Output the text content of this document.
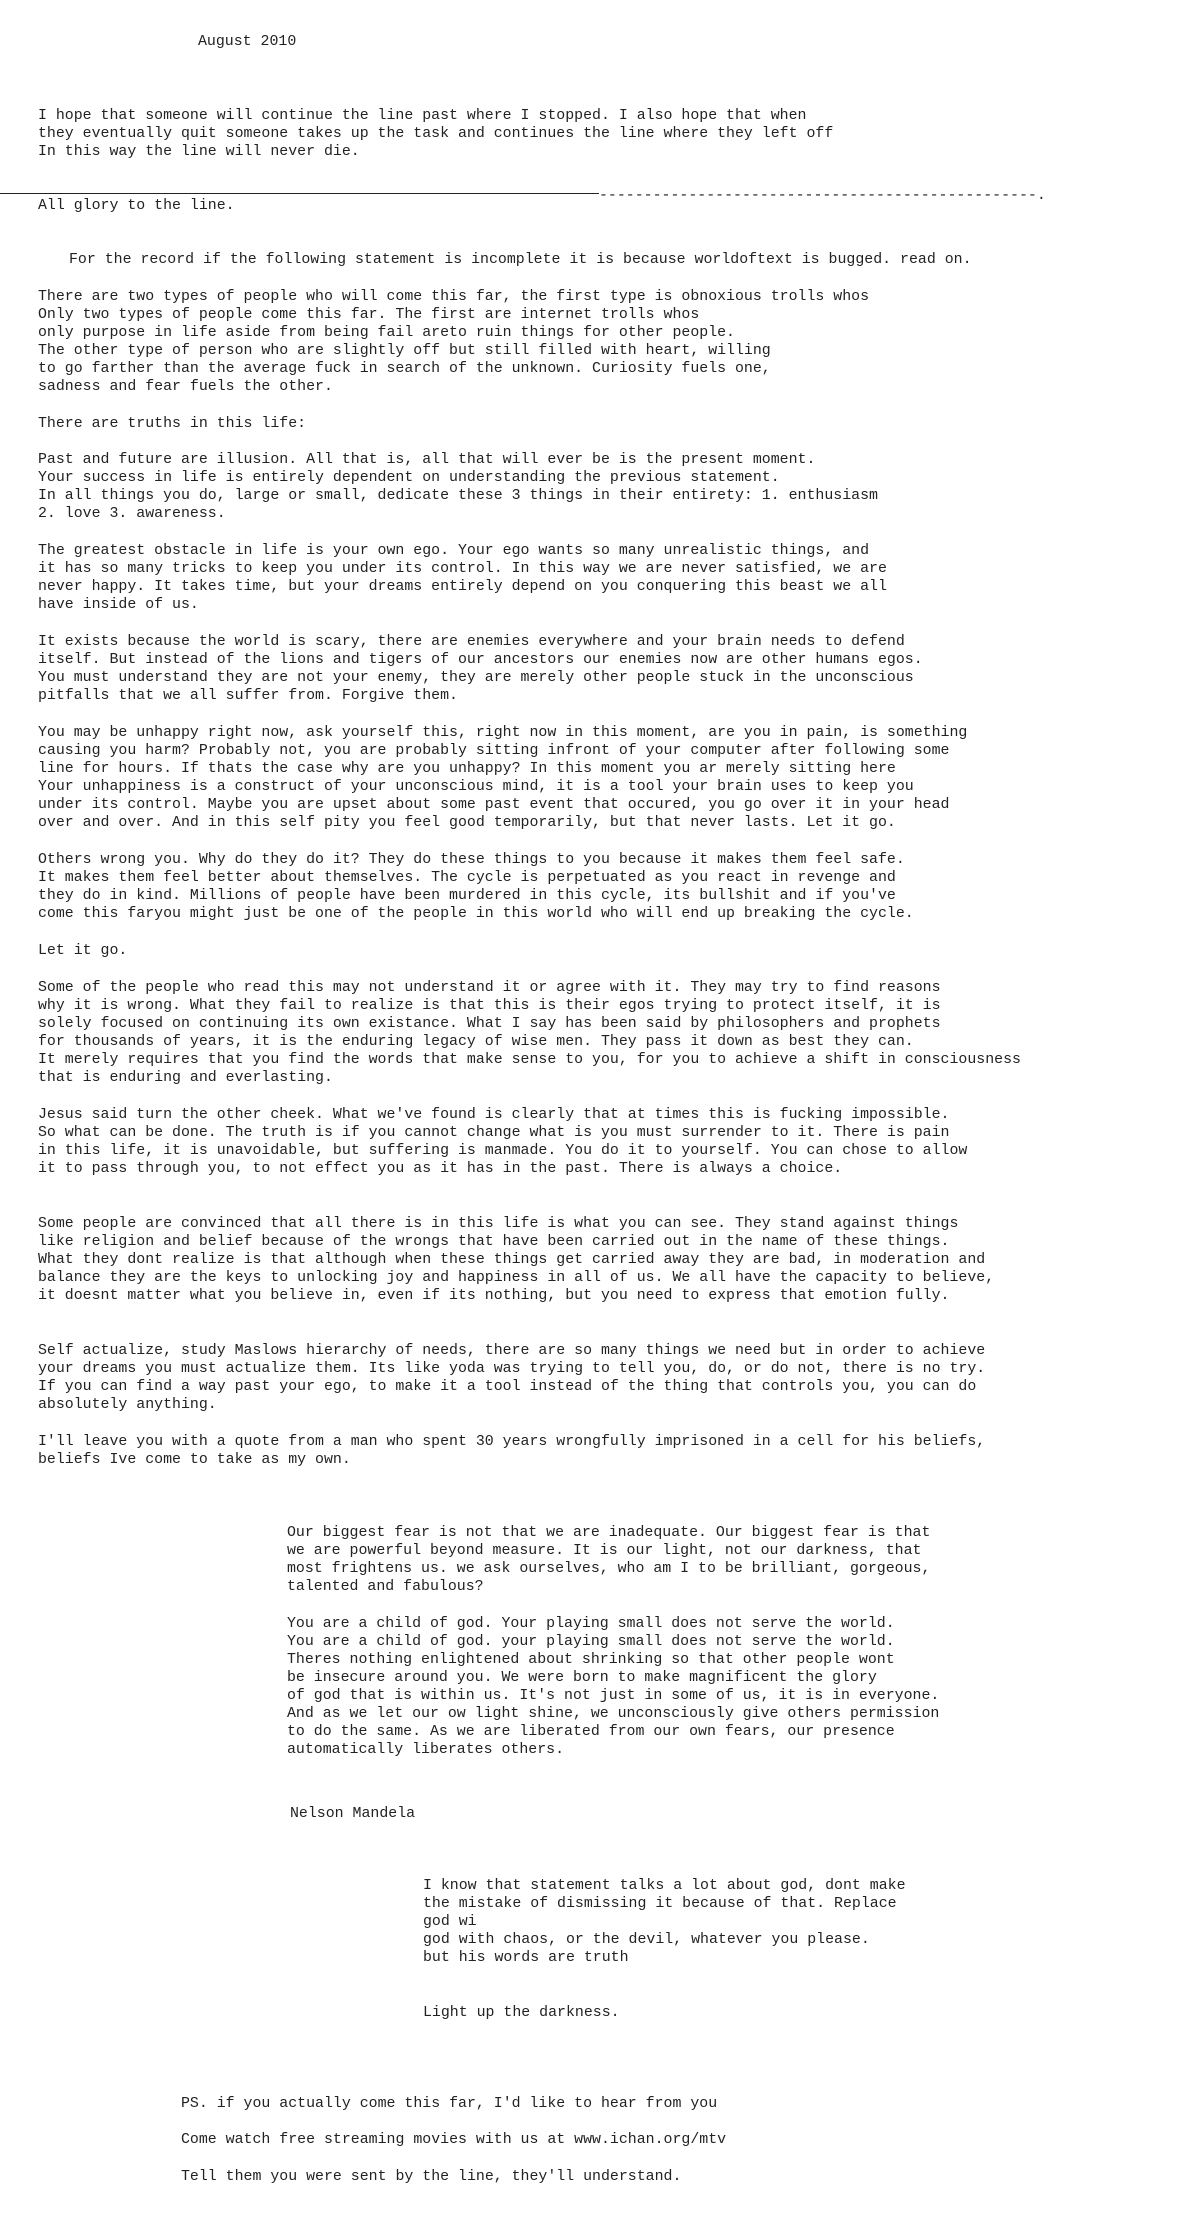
August 2010
I hope that someone will continue the line past where I stopped. I also hope that when
they eventually quit someone takes up the task and continues the line where they left off
In this way the line will never die.
-------------------------------------------------.
All glory to the line.
For the record if the following statement is incomplete it is because worldoftext is bugged. read on.
There are two types of people who will come this far, the first type is obnoxious trolls whos
Only two types of people come this far. The first are internet trolls whos
only purpose in life aside from being fail areto ruin things for other people.
The other type of person who are slightly off but still filled with heart, willing
to go farther than the average fuck in search of the unknown. Curiosity fuels one,
sadness and fear fuels the other.
There are truths in this life:
Past and future are illusion. All that is, all that will ever be is the present moment.
Your success in life is entirely dependent on understanding the previous statement.
In all things you do, large or small, dedicate these 3 things in their entirety: 1. enthusiasm
2. love 3. awareness.
The greatest obstacle in life is your own ego. Your ego wants so many unrealistic things, and
it has so many tricks to keep you under its control. In this way we are never satisfied, we are
never happy. It takes time, but your dreams entirely depend on you conquering this beast we all
have inside of us.
It exists because the world is scary, there are enemies everywhere and your brain needs to defend
itself. But instead of the lions and tigers of our ancestors our enemies now are other humans egos.
You must understand they are not your enemy, they are merely other people stuck in the unconscious
pitfalls that we all suffer from. Forgive them.
You may be unhappy right now, ask yourself this, right now in this moment, are you in pain, is something
causing you harm? Probably not, you are probably sitting infront of your computer after following some
line for hours. If thats the case why are you unhappy? In this moment you ar merely sitting here
Your unhappiness is a construct of your unconscious mind, it is a tool your brain uses to keep you
under its control. Maybe you are upset about some past event that occured, you go over it in your head
over and over. And in this self pity you feel good temporarily, but that never lasts. Let it go.
Others wrong you. Why do they do it? They do these things to you because it makes them feel safe.
It makes them feel better about themselves. The cycle is perpetuated as you react in revenge and
they do in kind. Millions of people have been murdered in this cycle, its bullshit and if you've
come this faryou might just be one of the people in this world who will end up breaking the cycle.
Let it go.
Some of the people who read this may not understand it or agree with it. They may try to find reasons
why it is wrong. What they fail to realize is that this is their egos trying to protect itself, it is
solely focused on continuing its own existance. What I say has been said by philosophers and prophets
for thousands of years, it is the enduring legacy of wise men. They pass it down as best they can.
It merely requires that you find the words that make sense to you, for you to achieve a shift in consciousness
that is enduring and everlasting.
Jesus said turn the other cheek. What we've found is clearly that at times this is fucking impossible.
So what can be done. The truth is if you cannot change what is you must surrender to it. There is pain
in this life, it is unavoidable, but suffering is manmade. You do it to yourself. You can chose to allow
it to pass through you, to not effect you as it has in the past. There is always a choice.
Some people are convinced that all there is in this life is what you can see. They stand against things
like religion and belief because of the wrongs that have been carried out in the name of these things.
What they dont realize is that although when these things get carried away they are bad, in moderation and
balance they are the keys to unlocking joy and happiness in all of us. We all have the capacity to believe,
it doesnt matter what you believe in, even if its nothing, but you need to express that emotion fully.
Self actualize, study Maslows hierarchy of needs, there are so many things we need but in order to achieve
your dreams you must actualize them. Its like yoda was trying to tell you, do, or do not, there is no try.
If you can find a way past your ego, to make it a tool instead of the thing that controls you, you can do
absolutely anything.
I'll leave you with a quote from a man who spent 30 years wrongfully imprisoned in a cell for his beliefs,
beliefs Ive come to take as my own.
Our biggest fear is not that we are inadequate. Our biggest fear is that
we are powerful beyond measure. It is our light, not our darkness, that
most frightens us. we ask ourselves, who am I to be brilliant, gorgeous,
talented and fabulous?
You are a child of god. Your playing small does not serve the world.
You are a child of god. your playing small does not serve the world.
Theres nothing enlightened about shrinking so that other people wont
be insecure around you. We were born to make magnificent the glory
of god that is within us. It's not just in some of us, it is in everyone.
And as we let our ow light shine, we unconsciously give others permission
to do the same. As we are liberated from our own fears, our presence
automatically liberates others.
Nelson Mandela
I know that statement talks a lot about god, dont make
the mistake of dismissing it because of that. Replace
god wi
god with chaos, or the devil, whatever you please.
but his words are truth
Light up the darkness.
PS. if you actually come this far, I'd like to hear from you
Come watch free streaming movies with us at www.ichan.org/mtv
Tell them you were sent by the line, they'll understand.
